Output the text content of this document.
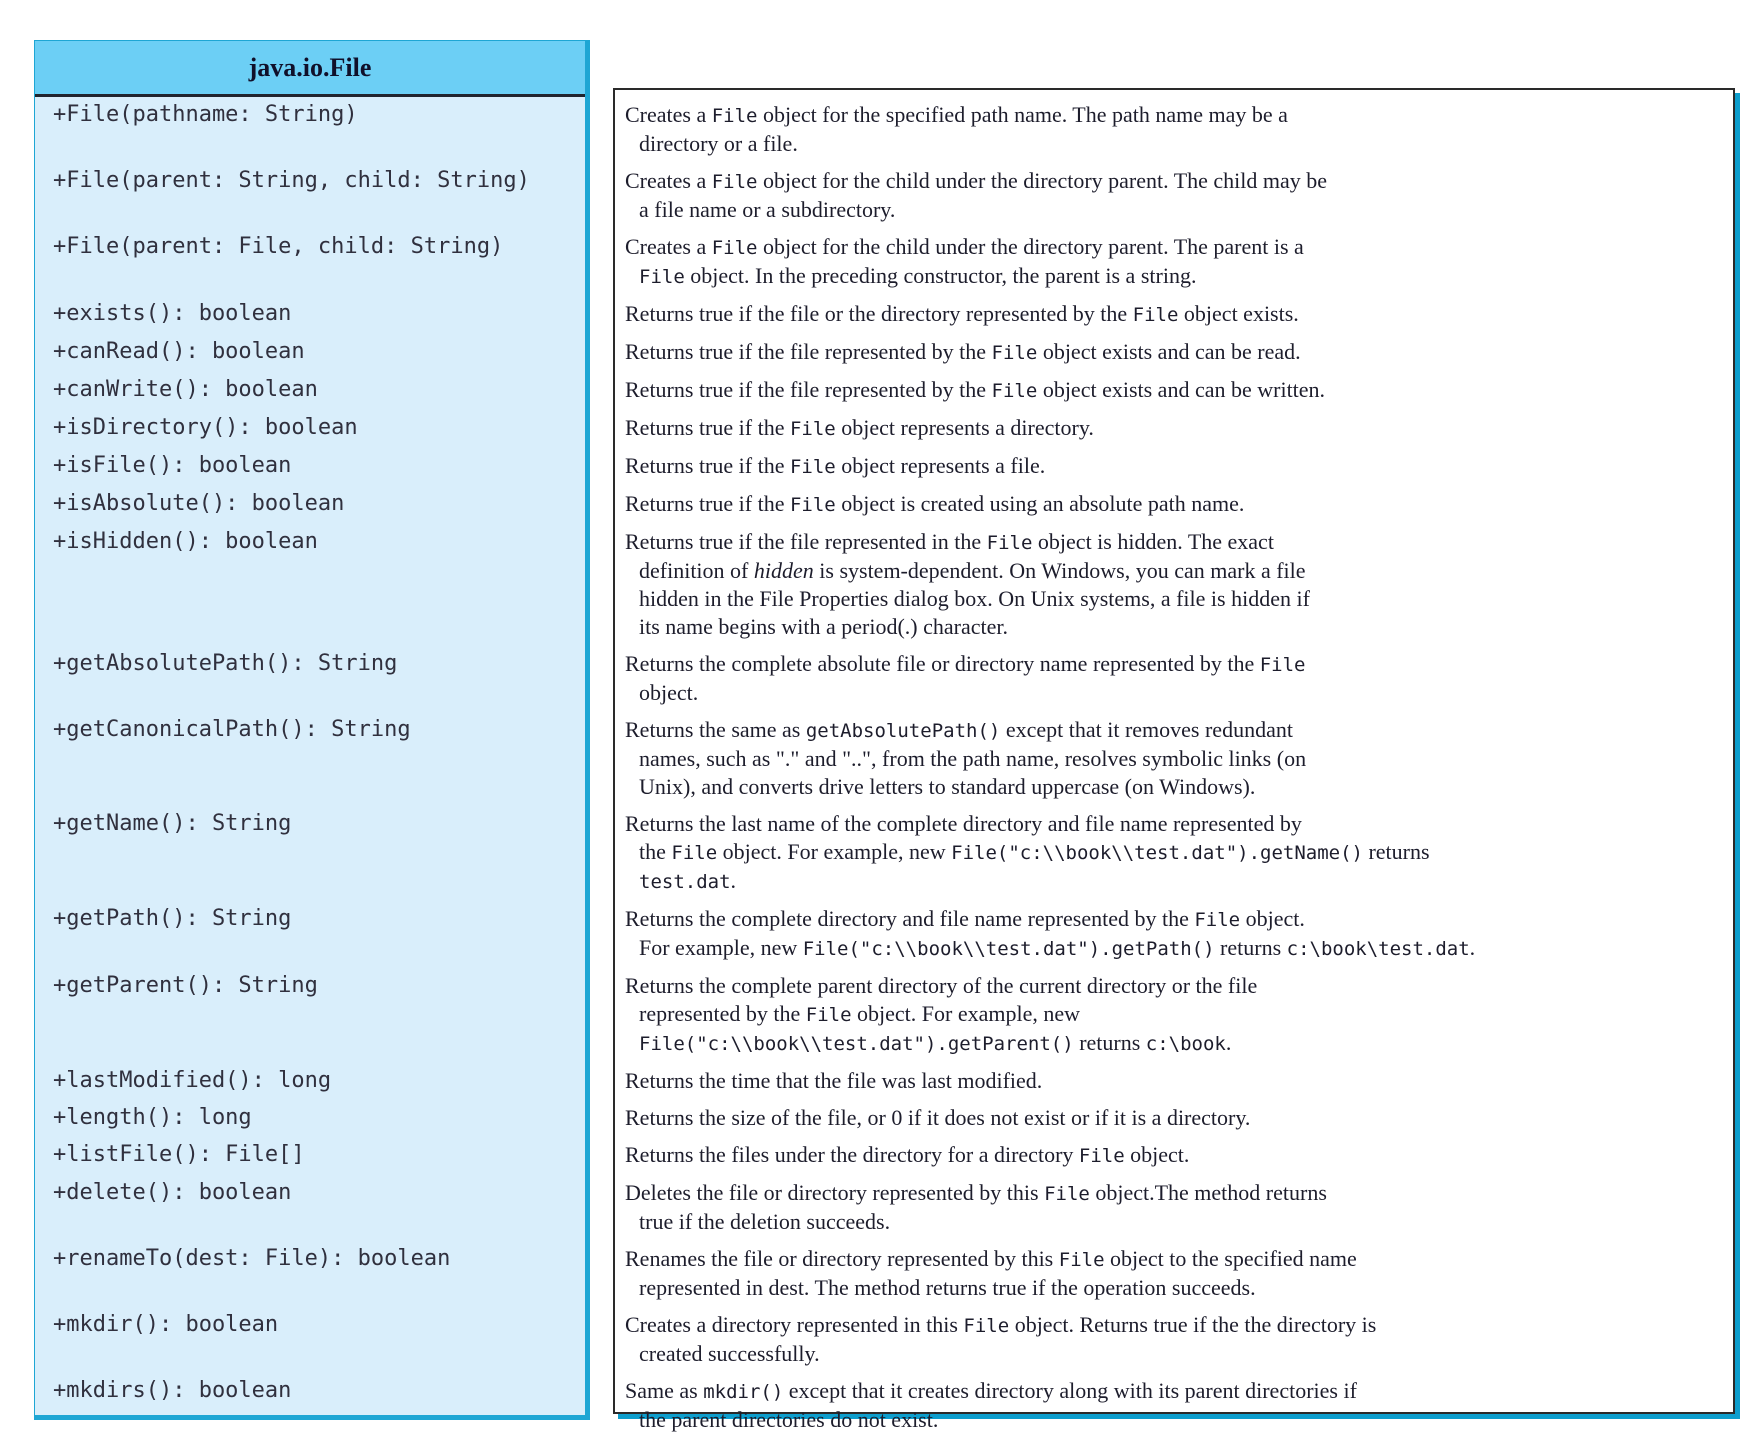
java.io.File
+File(pathname: String)	Creates a File object for the specified path name. The path name may be a
directory or a file.
+File(parent: String, child: String)	Creates a File object for the child under the directory parent. The child may be
a file name or a subdirectory.
+File(parent: File, child: String)	Creates a File object for the child under the directory parent. The parent is a
File object. In the preceding constructor, the parent is a string.
+exists(): boolean	Returns true if the file or the directory represented by the File object exists.
+canRead(): boolean	Returns true if the file represented by the File object exists and can be read.
+canWrite(): boolean	Returns true if the file represented by the File object exists and can be written.
+isDirectory(): boolean	Returns true if the File object represents a directory.
+isFile(): boolean	Returns true if the File object represents a file.
+isAbsolute(): boolean	Returns true if the File object is created using an absolute path name.
+isHidden(): boolean	Returns true if the file represented in the File object is hidden. The exact
definition of hidden is system-dependent. On Windows, you can mark a file
hidden in the File Properties dialog box. On Unix systems, a file is hidden if
its name begins with a period(.) character.
+getAbsolutePath(): String	Returns the complete absolute file or directory name represented by the File
object.
+getCanonicalPath(): String	Returns the same as getAbsolutePath() except that it removes redundant
names, such as "." and "..", from the path name, resolves symbolic links (on
Unix), and converts drive letters to standard uppercase (on Windows).
+getName(): String	Returns the last name of the complete directory and file name represented by
the File object. For example, new File("c:\\book\\test.dat").getName() returns
test.dat.
+getPath(): String	Returns the complete directory and file name represented by the File object.
For example, new File("c:\\book\\test.dat").getPath() returns c:\book\test.dat.
+getParent(): String	Returns the complete parent directory of the current directory or the file
represented by the File object. For example, new
File("c:\\book\\test.dat").getParent() returns c:\book.
+lastModified(): long	Returns the time that the file was last modified.
+length(): long	Returns the size of the file, or 0 if it does not exist or if it is a directory.
+listFile(): File[]	Returns the files under the directory for a directory File object.
+delete(): boolean	Deletes the file or directory represented by this File object.The method returns
true if the deletion succeeds.
+renameTo(dest: File): boolean	Renames the file or directory represented by this File object to the specified name
represented in dest. The method returns true if the operation succeeds.
+mkdir(): boolean	Creates a directory represented in this File object. Returns true if the the directory is
created successfully.
+mkdirs(): boolean	Same as mkdir() except that it creates directory along with its parent directories if
the parent directories do not exist.
